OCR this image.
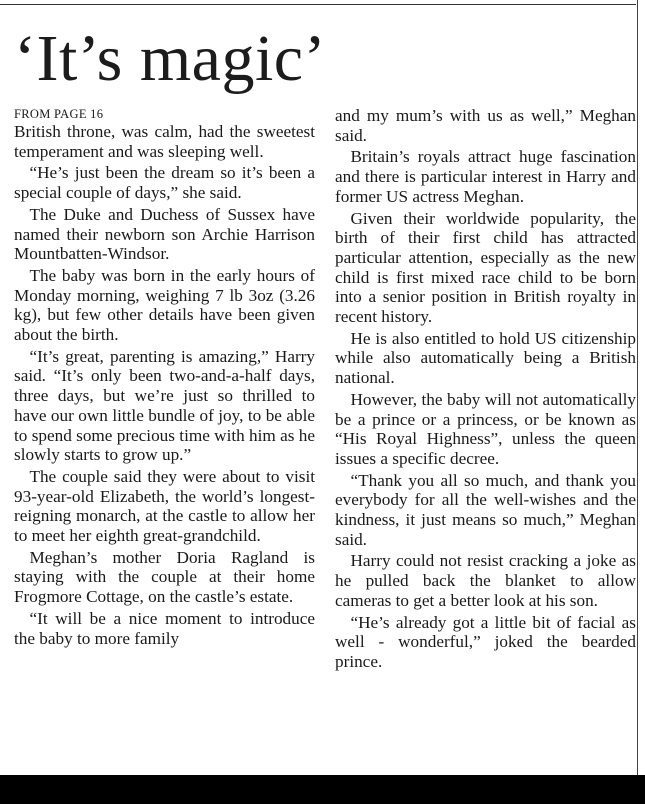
‘It’s magic’

FROM PAGE 16

British throne, was calm, had the sweetest temperament and was sleeping well.

“He’s just been the dream so it’s been a special couple of days,” she said.

The Duke and Duchess of Sussex have named their newborn son Archie Harrison Mountbatten-Windsor.

The baby was born in the early hours of Monday morning, weighing 7 lb 3oz (3.26 kg), but few other details have been given about the birth.

“It’s great, parenting is amazing,” Harry said. “It’s only been two-and-a-half days, three days, but we’re just so thrilled to have our own little bundle of joy, to be able to spend some precious time with him as he slowly starts to grow up.”

The couple said they were about to visit 93-year-old Elizabeth, the world’s longest-reigning monarch, at the castle to allow her to meet her eighth great-grandchild.

Meghan’s mother Doria Ragland is staying with the couple at their home Frogmore Cottage, on the castle’s estate.

“It will be a nice moment to introduce the baby to more family

and my mum’s with us as well,” Meghan said.

Britain’s royals attract huge fascination and there is particular interest in Harry and former US actress Meghan.

Given their worldwide popularity, the birth of their first child has attracted particular attention, especially as the new child is first mixed race child to be born into a senior position in British royalty in recent history.

He is also entitled to hold US citizenship while also automatically being a British national.

However, the baby will not automatically be a prince or a princess, or be known as “His Royal Highness”, unless the queen issues a specific decree.

“Thank you all so much, and thank you everybody for all the well-wishes and the kindness, it just means so much,” Meghan said.

Harry could not resist cracking a joke as he pulled back the blanket to allow cameras to get a better look at his son.

“He’s already got a little bit of facial as well - wonderful,” joked the bearded prince.
